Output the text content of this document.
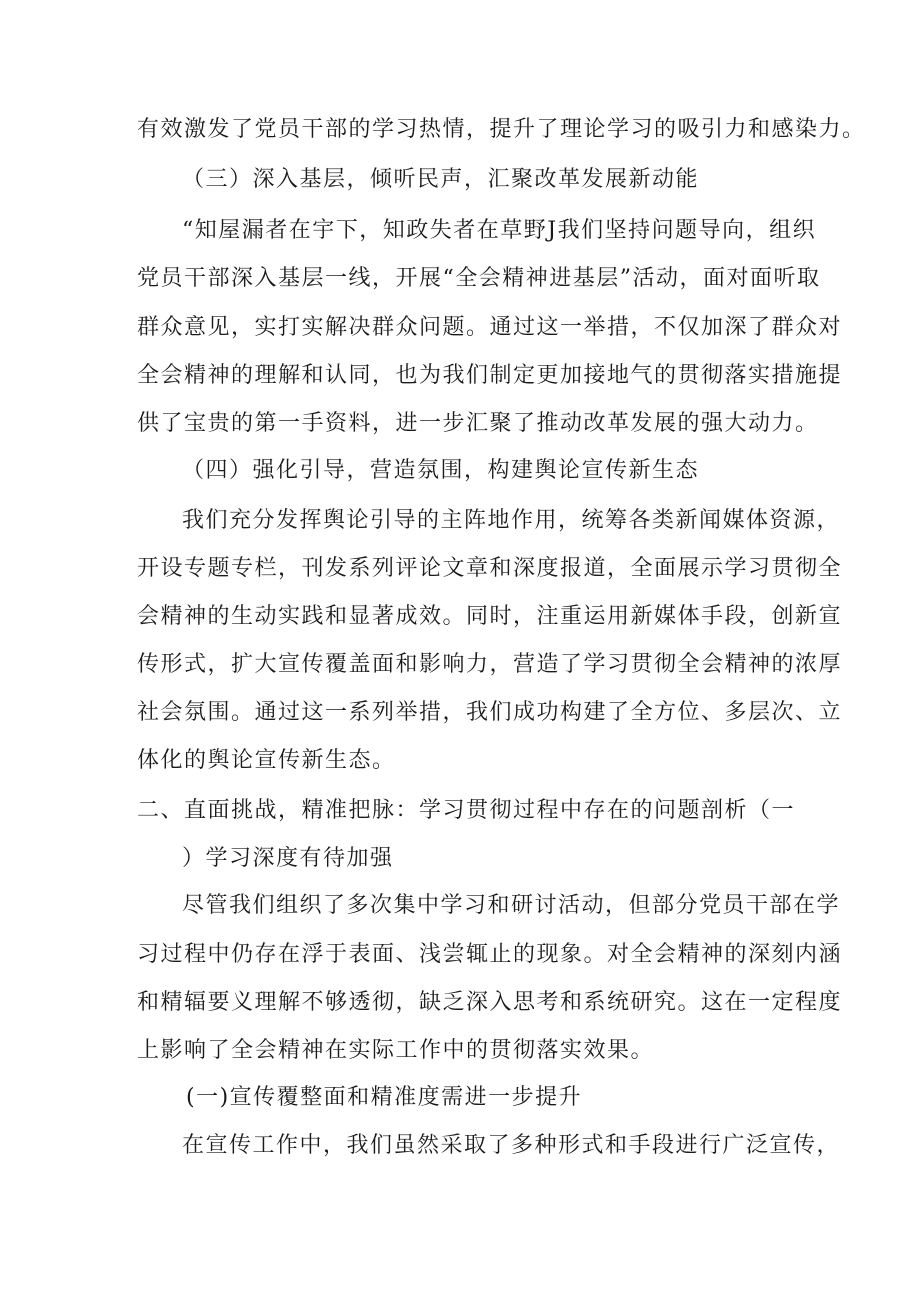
有效激发了党员干部的学习热情，提升了理论学习的吸引力和感染力。
（三）深入基层，倾听民声，汇聚改革发展新动能
“知屋漏者在宇下，知政失者在草野J我们坚持问题导向，组织
党员干部深入基层一线，开展“全会精神进基层”活动，面对面听取
群众意见，实打实解决群众问题。通过这一举措，不仅加深了群众对
全会精神的理解和认同，也为我们制定更加接地气的贯彻落实措施提
供了宝贵的第一手资料，进一步汇聚了推动改革发展的强大动力。
（四）强化引导，营造氛围，构建舆论宣传新生态
我们充分发挥舆论引导的主阵地作用，统筹各类新闻媒体资源，
开设专题专栏，刊发系列评论文章和深度报道，全面展示学习贯彻全
会精神的生动实践和显著成效。同时，注重运用新媒体手段，创新宣
传形式，扩大宣传覆盖面和影响力，营造了学习贯彻全会精神的浓厚
社会氛围。通过这一系列举措，我们成功构建了全方位、多层次、立
体化的舆论宣传新生态。
二、直面挑战，精准把脉：学习贯彻过程中存在的问题剖析（一
）学习深度有待加强
尽管我们组织了多次集中学习和研讨活动，但部分党员干部在学
习过程中仍存在浮于表面、浅尝辄止的现象。对全会精神的深刻内涵
和精辐要义理解不够透彻，缺乏深入思考和系统研究。这在一定程度
上影响了全会精神在实际工作中的贯彻落实效果。
(一)宣传覆整面和精准度需进一步提升
在宣传工作中，我们虽然采取了多种形式和手段进行广泛宣传，
